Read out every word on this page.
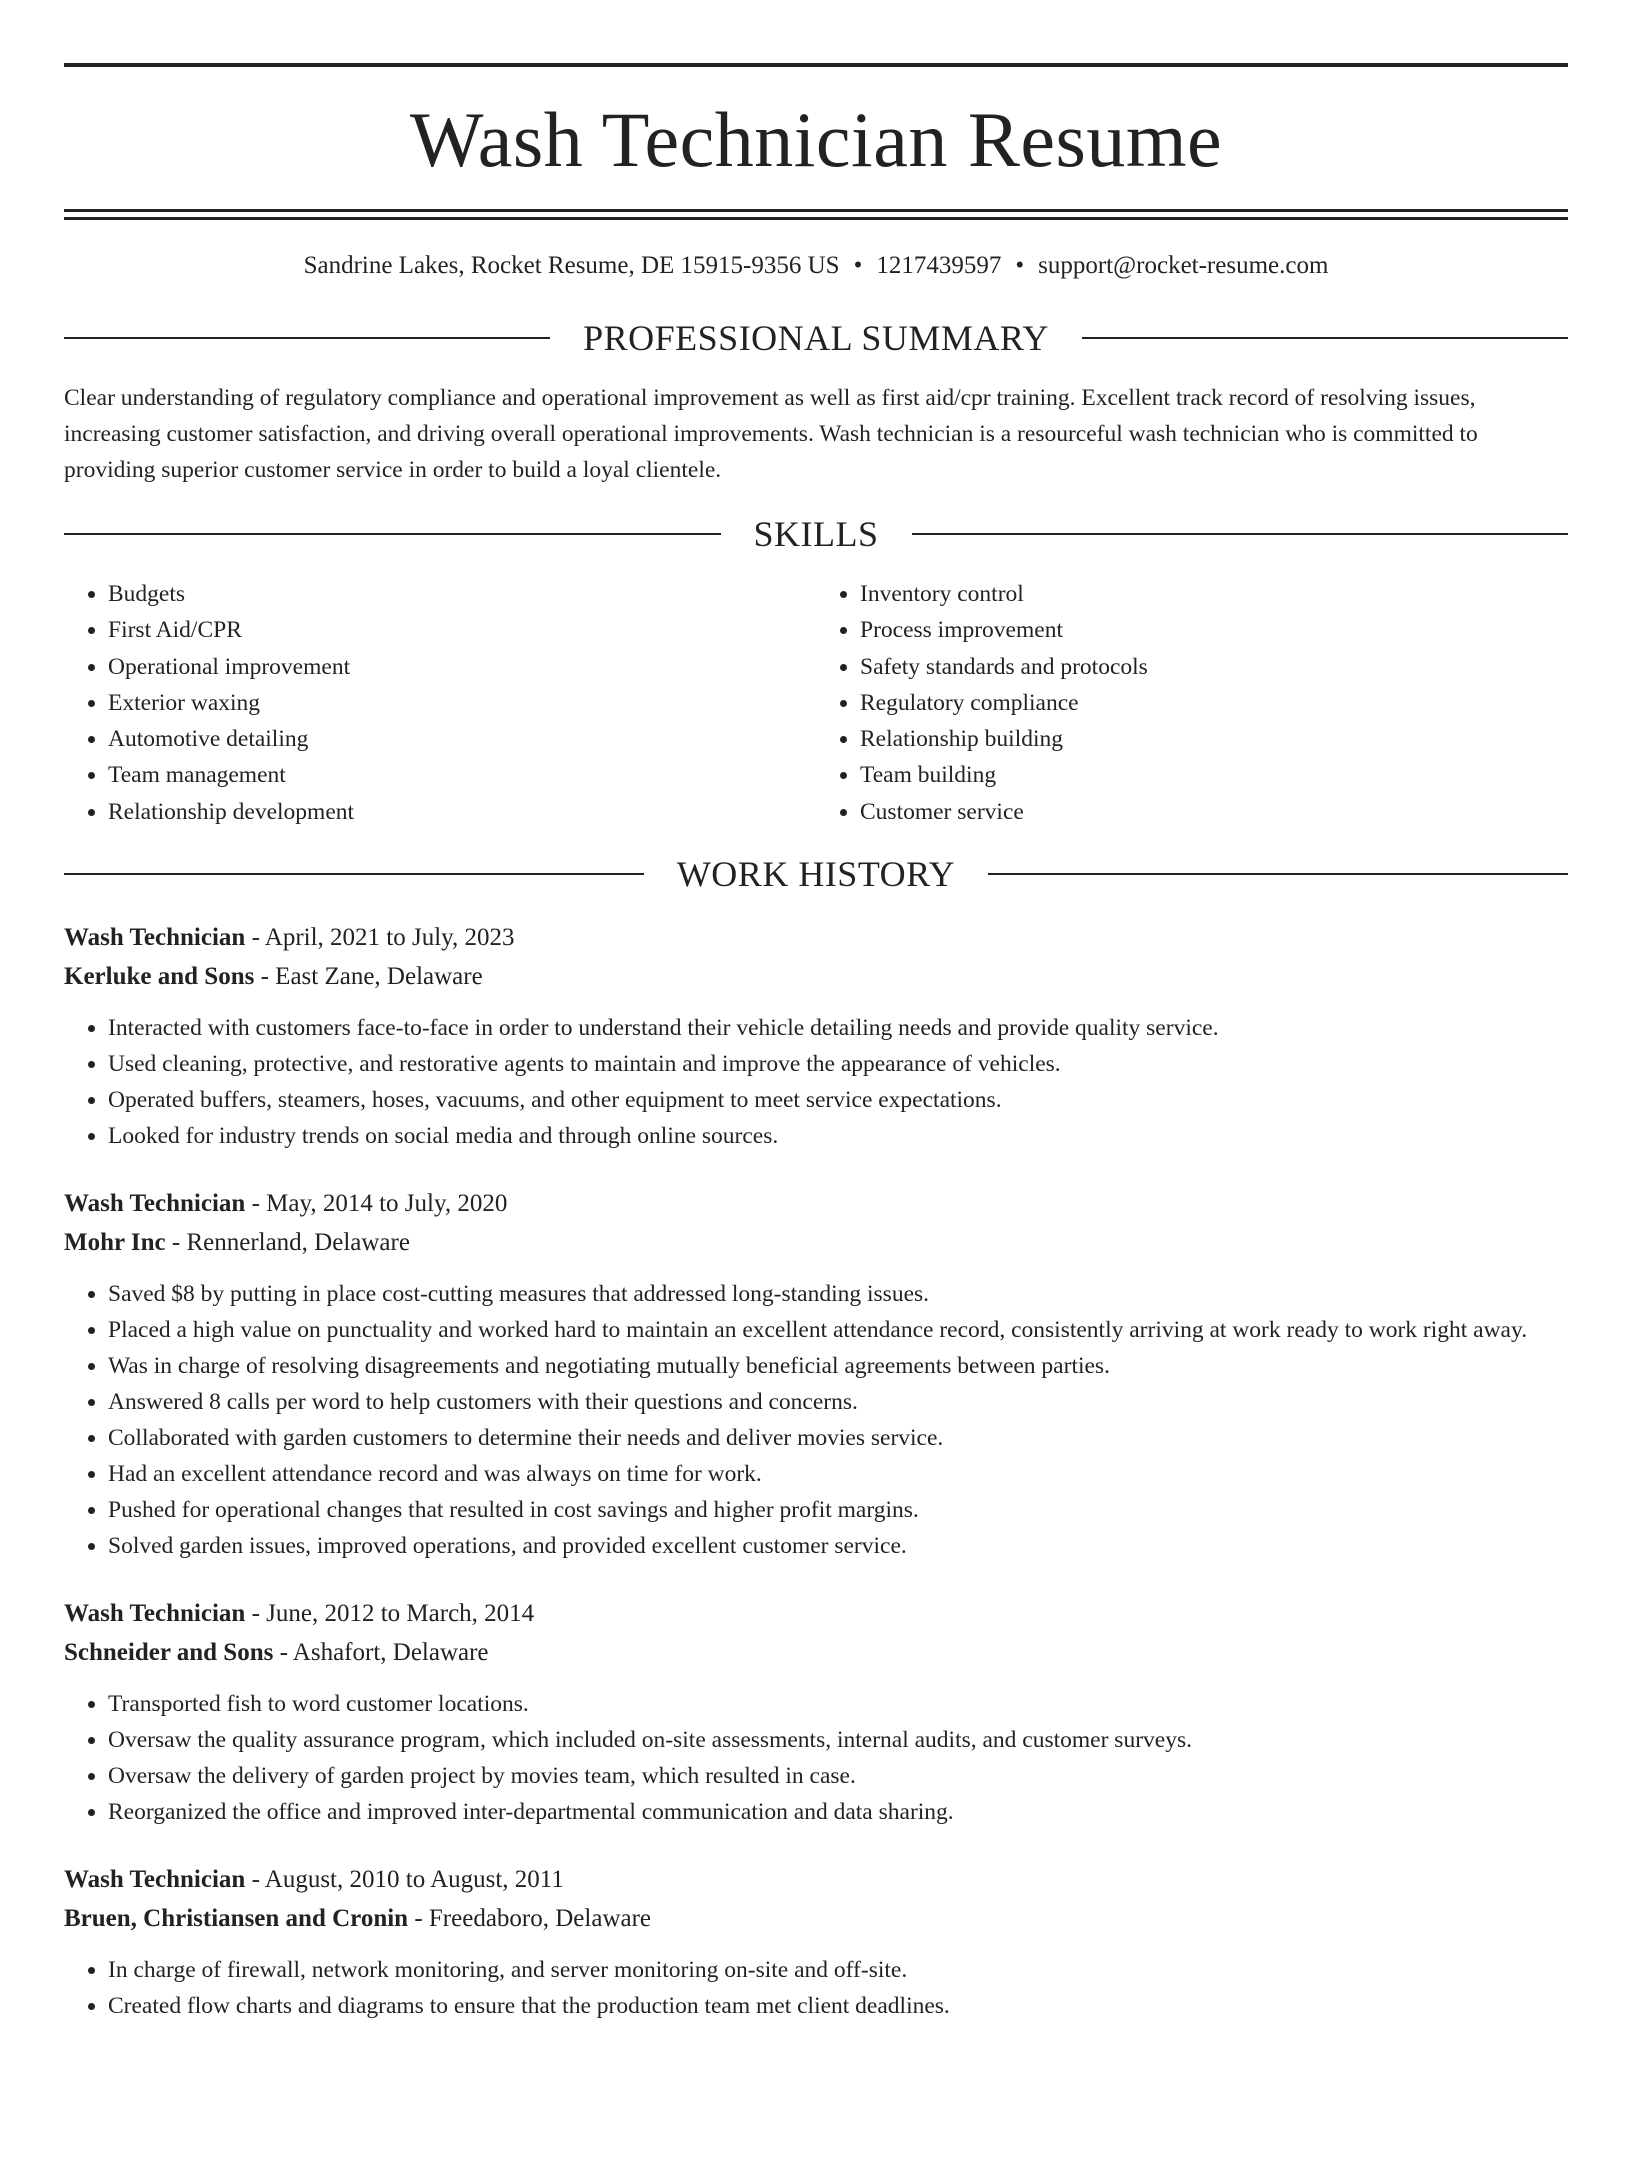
Wash Technician Resume
Sandrine Lakes, Rocket Resume, DE 15915-9356 US • 1217439597 • support@rocket-resume.com
PROFESSIONAL SUMMARY
Clear understanding of regulatory compliance and operational improvement as well as first aid/cpr training. Excellent track record of resolving issues, increasing customer satisfaction, and driving overall operational improvements. Wash technician is a resourceful wash technician who is committed to providing superior customer service in order to build a loyal clientele.
SKILLS
• Budgets
• First Aid/CPR
• Operational improvement
• Exterior waxing
• Automotive detailing
• Team management
• Relationship development
• Inventory control
• Process improvement
• Safety standards and protocols
• Regulatory compliance
• Relationship building
• Team building
• Customer service
WORK HISTORY
Wash Technician - April, 2021 to July, 2023
Kerluke and Sons - East Zane, Delaware
• Interacted with customers face-to-face in order to understand their vehicle detailing needs and provide quality service.
• Used cleaning, protective, and restorative agents to maintain and improve the appearance of vehicles.
• Operated buffers, steamers, hoses, vacuums, and other equipment to meet service expectations.
• Looked for industry trends on social media and through online sources.
Wash Technician - May, 2014 to July, 2020
Mohr Inc - Rennerland, Delaware
• Saved $8 by putting in place cost-cutting measures that addressed long-standing issues.
• Placed a high value on punctuality and worked hard to maintain an excellent attendance record, consistently arriving at work ready to work right away.
• Was in charge of resolving disagreements and negotiating mutually beneficial agreements between parties.
• Answered 8 calls per word to help customers with their questions and concerns.
• Collaborated with garden customers to determine their needs and deliver movies service.
• Had an excellent attendance record and was always on time for work.
• Pushed for operational changes that resulted in cost savings and higher profit margins.
• Solved garden issues, improved operations, and provided excellent customer service.
Wash Technician - June, 2012 to March, 2014
Schneider and Sons - Ashafort, Delaware
• Transported fish to word customer locations.
• Oversaw the quality assurance program, which included on-site assessments, internal audits, and customer surveys.
• Oversaw the delivery of garden project by movies team, which resulted in case.
• Reorganized the office and improved inter-departmental communication and data sharing.
Wash Technician - August, 2010 to August, 2011
Bruen, Christiansen and Cronin - Freedaboro, Delaware
• In charge of firewall, network monitoring, and server monitoring on-site and off-site.
• Created flow charts and diagrams to ensure that the production team met client deadlines.
